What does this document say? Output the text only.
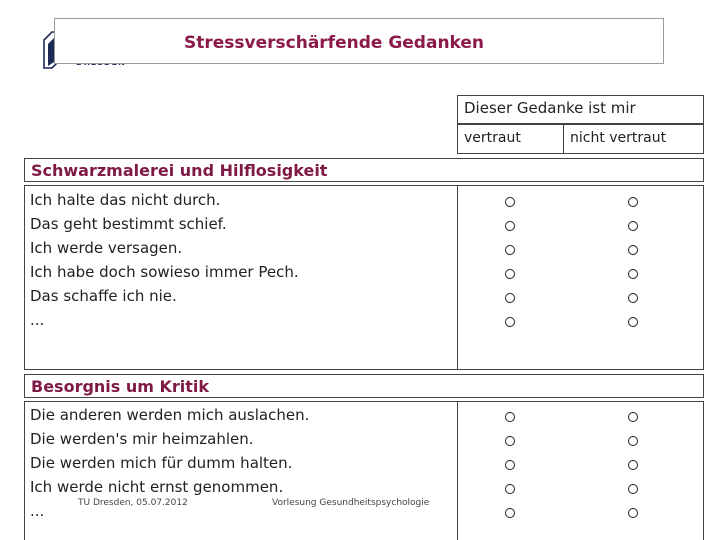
Stressverschärfende Gedanken
Dieser Gedanke ist mir
vertraut	nicht vertraut
Schwarzmalerei und Hilflosigkeit
Ich halte das nicht durch.
Das geht bestimmt schief.
Ich werde versagen.
Ich habe doch sowieso immer Pech.
Das schaffe ich nie.
...
Besorgnis um Kritik
Die anderen werden mich auslachen.
Die werden's mir heimzahlen.
Die werden mich für dumm halten.
Ich werde nicht ernst genommen.
...	TU Dresden, 05.07.2012	Vorlesung Gesundheitspsychologie
